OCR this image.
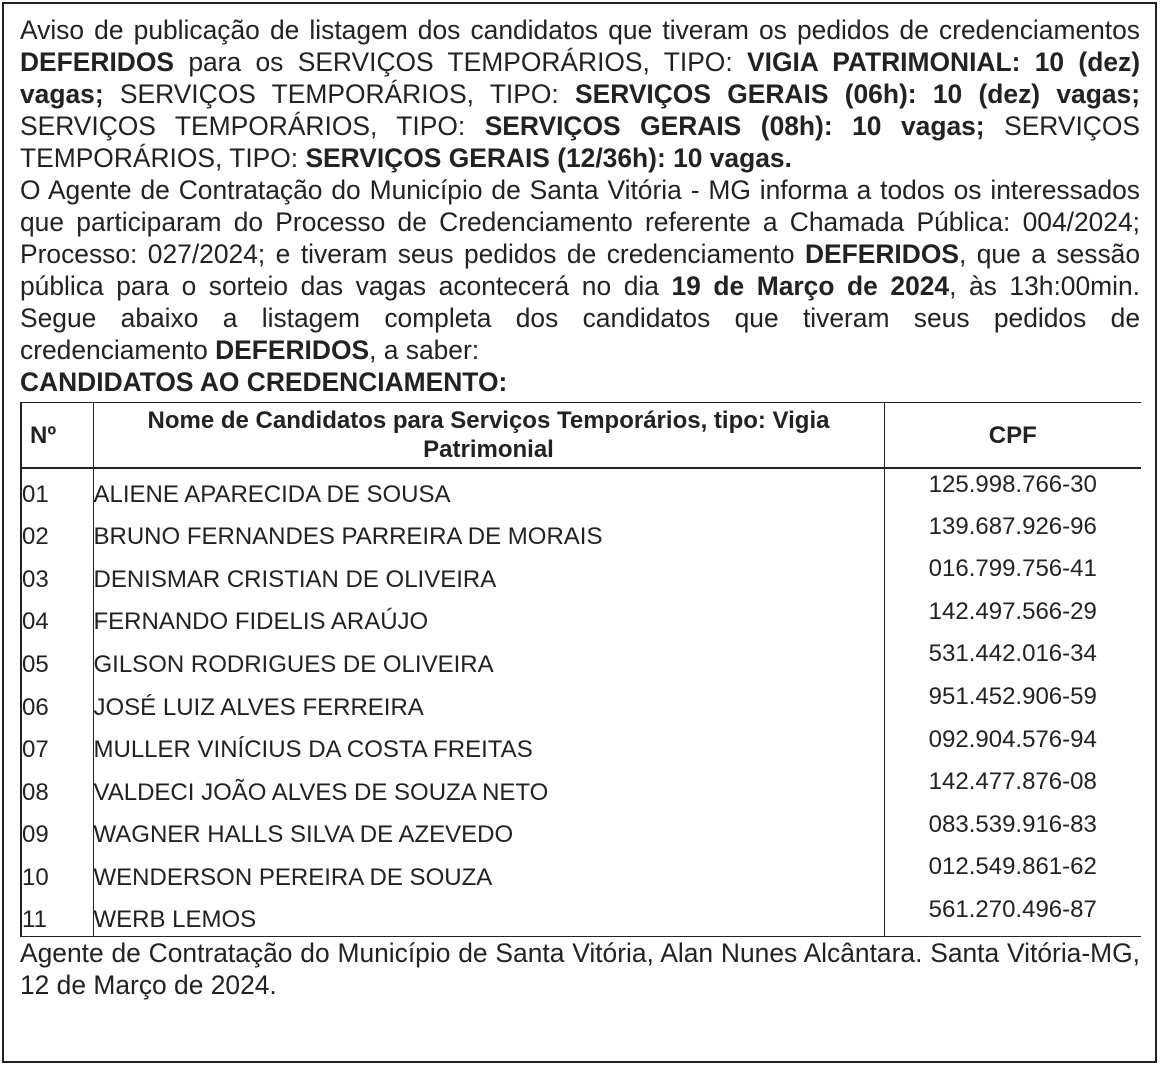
Aviso de publicação de listagem dos candidatos que tiveram os pedidos de credenciamentos DEFERIDOS para os SERVIÇOS TEMPORÁRIOS, TIPO: VIGIA PATRIMONIAL: 10 (dez) vagas; SERVIÇOS TEMPORÁRIOS, TIPO: SERVIÇOS GERAIS (06h): 10 (dez) vagas; SERVIÇOS TEMPORÁRIOS, TIPO: SERVIÇOS GERAIS (08h): 10 vagas; SERVIÇOS TEMPORÁRIOS, TIPO: SERVIÇOS GERAIS (12/36h): 10 vagas.

O Agente de Contratação do Município de Santa Vitória - MG informa a todos os interessados que participaram do Processo de Credenciamento referente a Chamada Pública: 004/2024; Processo: 027/2024; e tiveram seus pedidos de credenciamento DEFERIDOS, que a sessão pública para o sorteio das vagas acontecerá no dia 19 de Março de 2024, às 13h:00min. Segue abaixo a listagem completa dos candidatos que tiveram seus pedidos de credenciamento DEFERIDOS, a saber:

CANDIDATOS AO CREDENCIAMENTO:
Nº	Nome de Candidatos para Serviços Temporários, tipo: Vigia Patrimonial	CPF
01	ALIENE APARECIDA DE SOUSA	125.998.766-30
02	BRUNO FERNANDES PARREIRA DE MORAIS	139.687.926-96
03	DENISMAR CRISTIAN DE OLIVEIRA	016.799.756-41
04	FERNANDO FIDELIS ARAÚJO	142.497.566-29
05	GILSON RODRIGUES DE OLIVEIRA	531.442.016-34
06	JOSÉ LUIZ ALVES FERREIRA	951.452.906-59
07	MULLER VINÍCIUS DA COSTA FREITAS	092.904.576-94
08	VALDECI JOÃO ALVES DE SOUZA NETO	142.477.876-08
09	WAGNER HALLS SILVA DE AZEVEDO	083.539.916-83
10	WENDERSON PEREIRA DE SOUZA	012.549.861-62
11	WERB LEMOS	561.270.496-87

Agente de Contratação do Município de Santa Vitória, Alan Nunes Alcântara. Santa Vitória-MG, 12 de Março de 2024.
